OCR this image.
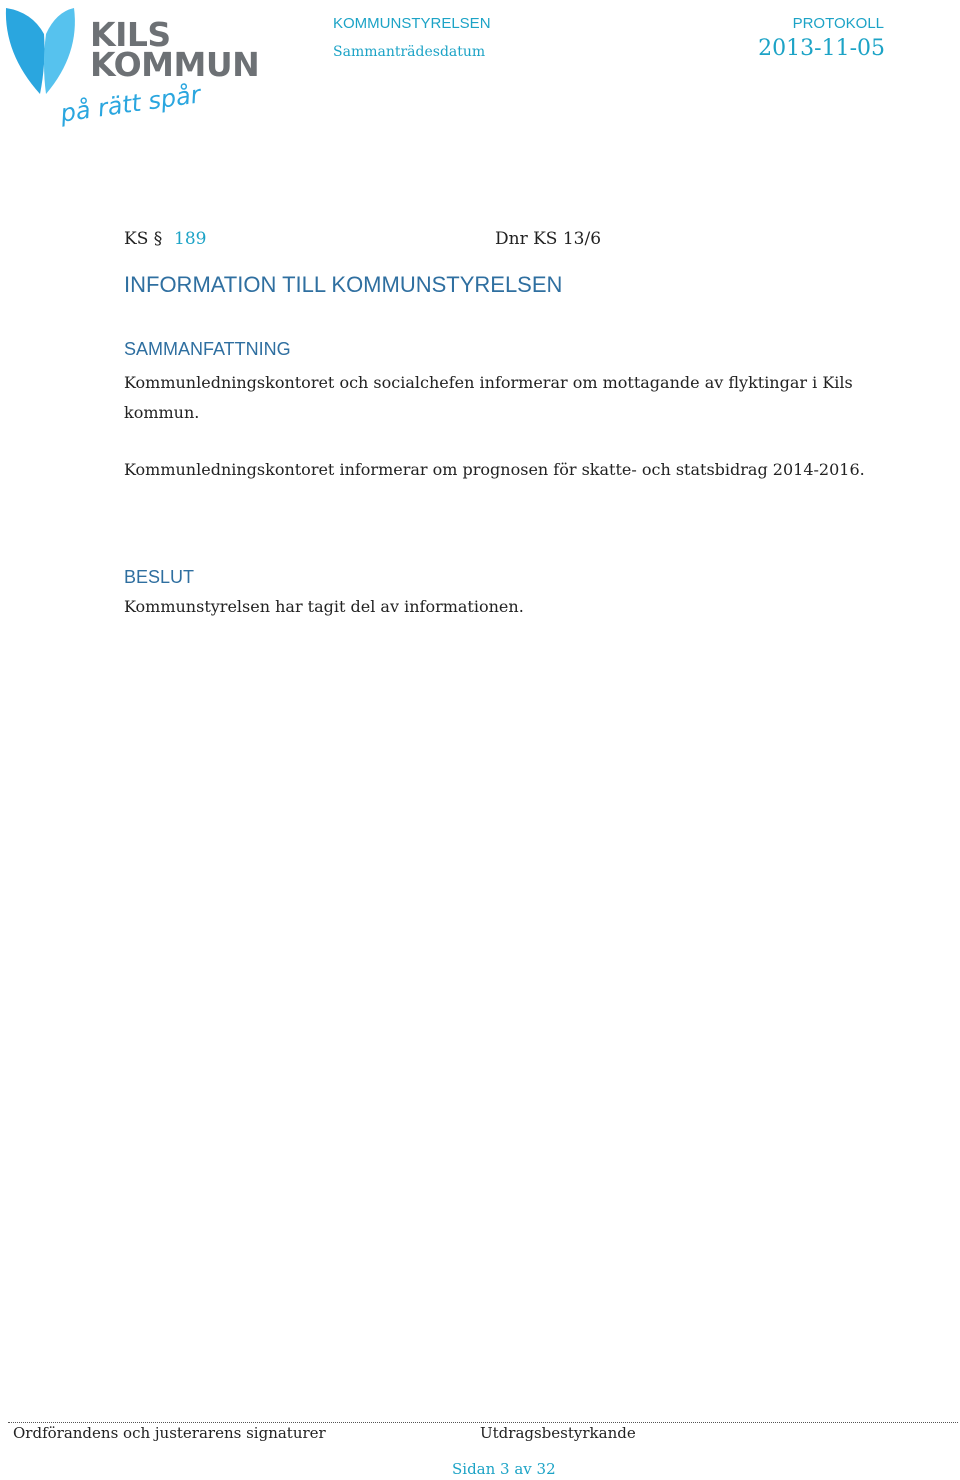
KILS
KOMMUN
på rätt spår
KOMMUNSTYRELSEN	PROTOKOLL
Sammanträdesdatum	2013-11-05
KS § 189	Dnr KS 13/6
INFORMATION TILL KOMMUNSTYRELSEN
SAMMANFATTNING
Kommunledningskontoret och socialchefen informerar om mottagande av flyktingar i Kils kommun.
Kommunledningskontoret informerar om prognosen för skatte- och statsbidrag 2014-2016.
BESLUT
Kommunstyrelsen har tagit del av informationen.
Ordförandens och justerarens signaturer	Utdragsbestyrkande
Sidan 3 av 32
